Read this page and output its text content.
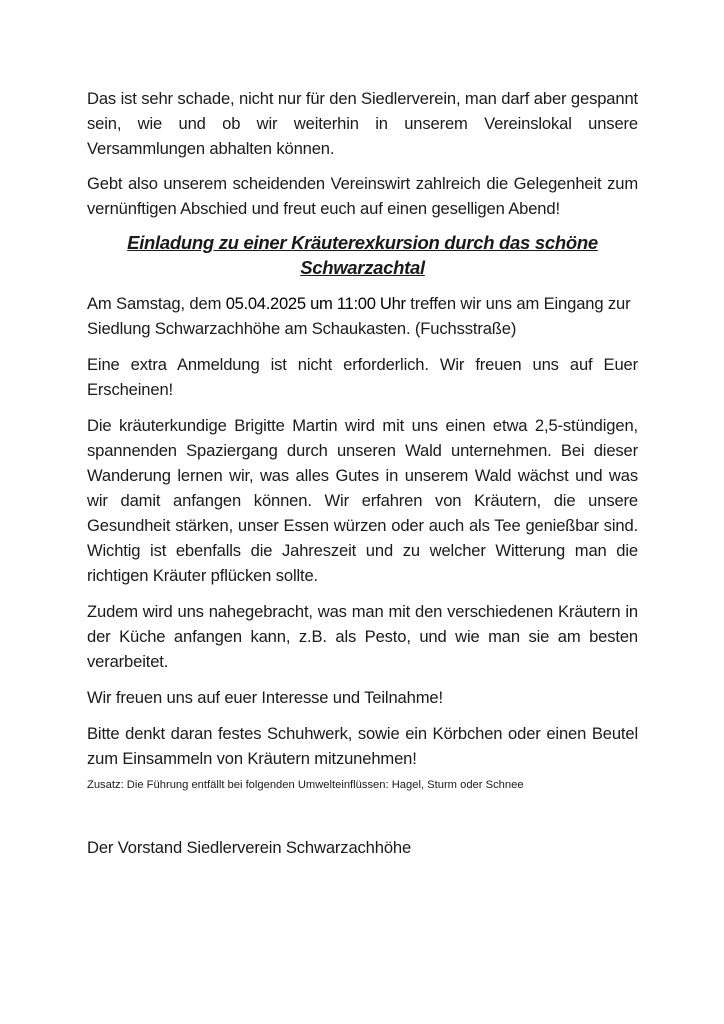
Das ist sehr schade, nicht nur für den Siedlerverein, man darf aber gespannt sein, wie und ob wir weiterhin in unserem Vereinslokal unsere Versammlungen abhalten können.

Gebt also unserem scheidenden Vereinswirt zahlreich die Gelegenheit zum vernünftigen Abschied und freut euch auf einen geselligen Abend!

Einladung zu einer Kräuterexkursion durch das schöne Schwarzachtal

Am Samstag, dem 05.04.2025 um 11:00 Uhr treffen wir uns am Eingang zur Siedlung Schwarzachhöhe am Schaukasten. (Fuchsstraße)

Eine extra Anmeldung ist nicht erforderlich. Wir freuen uns auf Euer Erscheinen!

Die kräuterkundige Brigitte Martin wird mit uns einen etwa 2,5-stündigen, spannenden Spaziergang durch unseren Wald unternehmen. Bei dieser Wanderung lernen wir, was alles Gutes in unserem Wald wächst und was wir damit anfangen können. Wir erfahren von Kräutern, die unsere Gesundheit stärken, unser Essen würzen oder auch als Tee genießbar sind. Wichtig ist ebenfalls die Jahreszeit und zu welcher Witterung man die richtigen Kräuter pflücken sollte.

Zudem wird uns nahegebracht, was man mit den verschiedenen Kräutern in der Küche anfangen kann, z.B. als Pesto, und wie man sie am besten verarbeitet.

Wir freuen uns auf euer Interesse und Teilnahme!

Bitte denkt daran festes Schuhwerk, sowie ein Körbchen oder einen Beutel zum Einsammeln von Kräutern mitzunehmen!

Zusatz: Die Führung entfällt bei folgenden Umwelteinflüssen: Hagel, Sturm oder Schnee

Der Vorstand Siedlerverein Schwarzachhöhe
